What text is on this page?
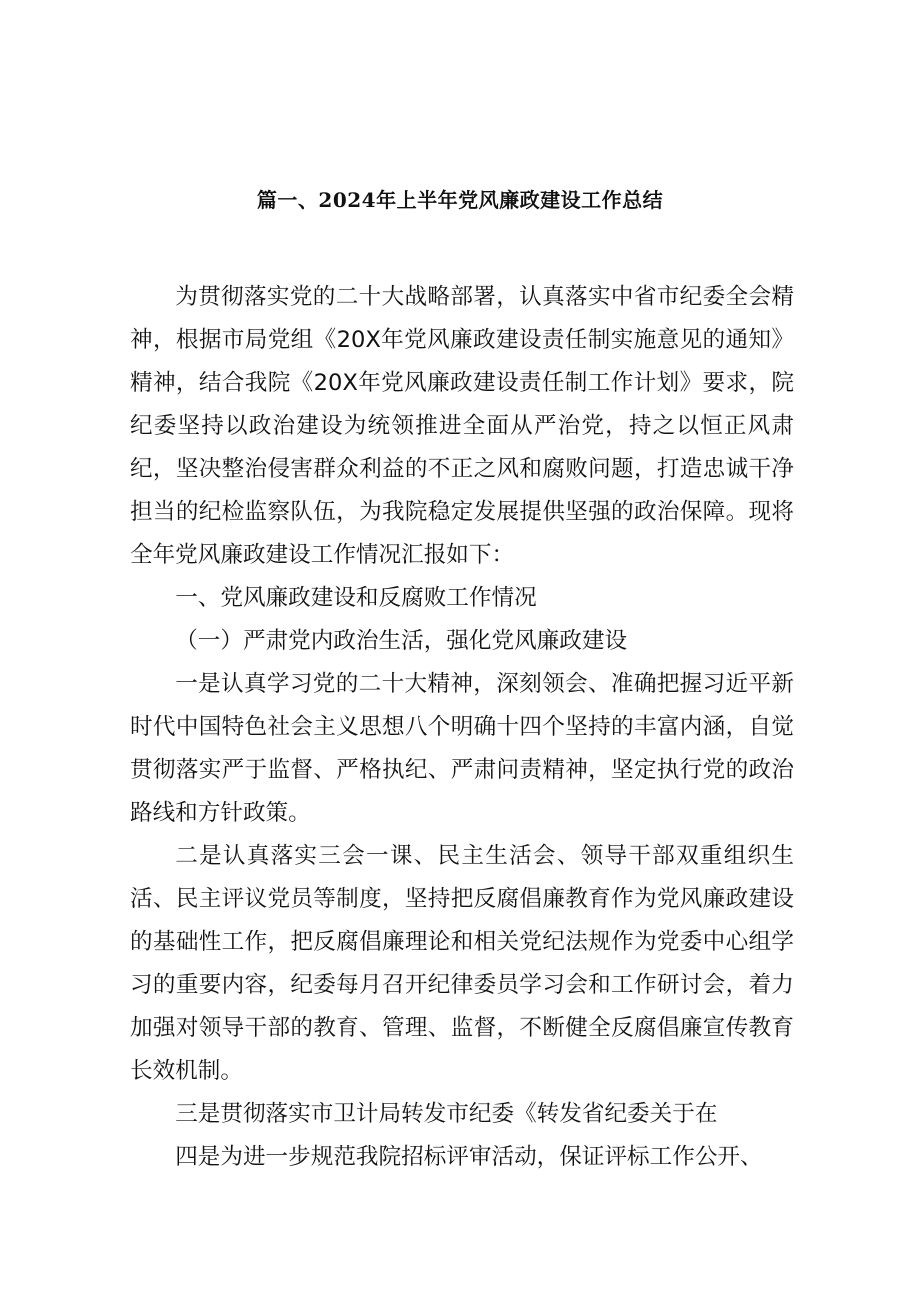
篇一、2024年上半年党风廉政建设工作总结

为贯彻落实党的二十大战略部署，认真落实中省市纪委全会精神，根据市局党组《20X年党风廉政建设责任制实施意见的通知》精神，结合我院《20X年党风廉政建设责任制工作计划》要求，院纪委坚持以政治建设为统领推进全面从严治党，持之以恒正风肃纪，坚决整治侵害群众利益的不正之风和腐败问题，打造忠诚干净担当的纪检监察队伍，为我院稳定发展提供坚强的政治保障。现将全年党风廉政建设工作情况汇报如下：

一、党风廉政建设和反腐败工作情况

（一）严肃党内政治生活，强化党风廉政建设

一是认真学习党的二十大精神，深刻领会、准确把握习近平新时代中国特色社会主义思想八个明确十四个坚持的丰富内涵，自觉贯彻落实严于监督、严格执纪、严肃问责精神，坚定执行党的政治路线和方针政策。

二是认真落实三会一课、民主生活会、领导干部双重组织生活、民主评议党员等制度，坚持把反腐倡廉教育作为党风廉政建设的基础性工作，把反腐倡廉理论和相关党纪法规作为党委中心组学习的重要内容，纪委每月召开纪律委员学习会和工作研讨会，着力加强对领导干部的教育、管理、监督，不断健全反腐倡廉宣传教育长效机制。

三是贯彻落实市卫计局转发市纪委《转发省纪委关于在

四是为进一步规范我院招标评审活动，保证评标工作公开、
